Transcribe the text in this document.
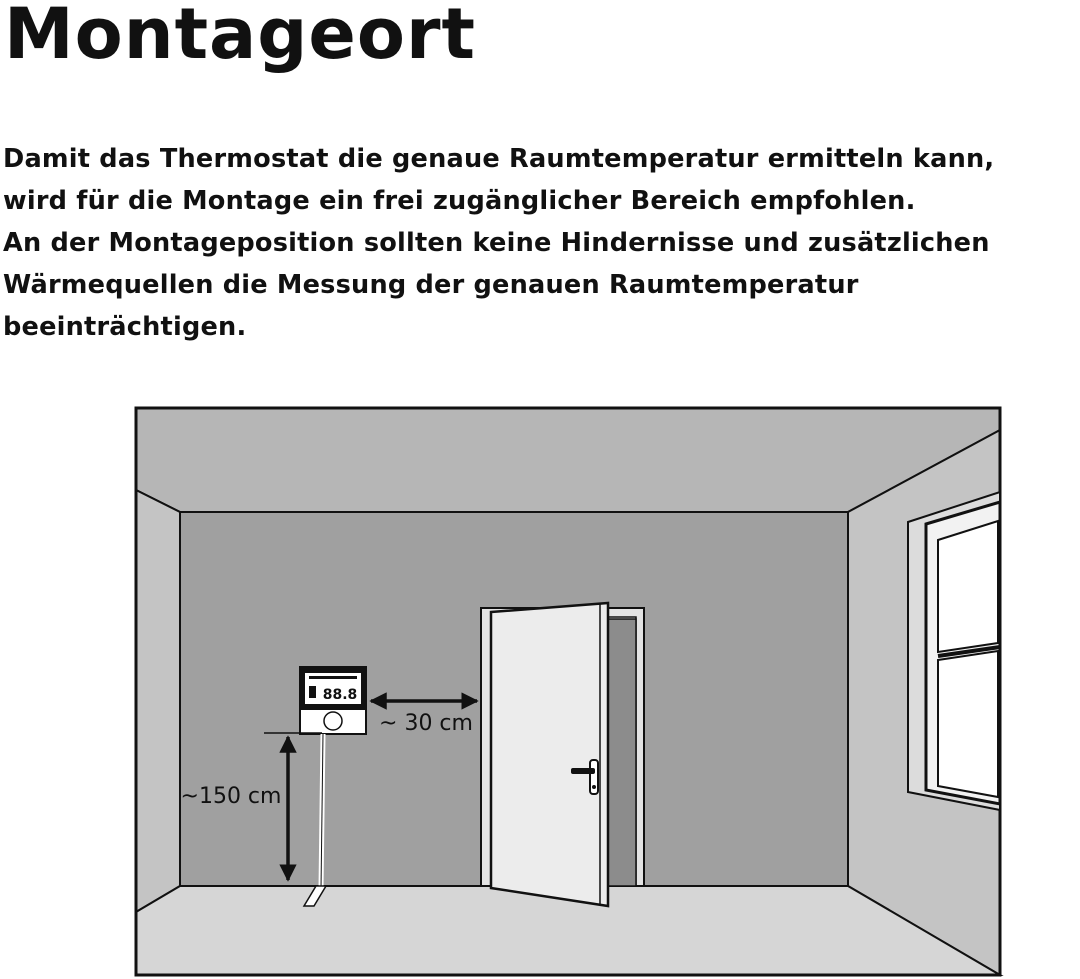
Montageort

Damit das Thermostat die genaue Raumtemperatur ermitteln kann,

wird für die Montage ein frei zugänglicher Bereich empfohlen.

An der Montageposition sollten keine Hindernisse und zusätzlichen

Wärmequellen die Messung der genauen Raumtemperatur

beeinträchtigen.

88.8
~ 30 cm
~150 cm
